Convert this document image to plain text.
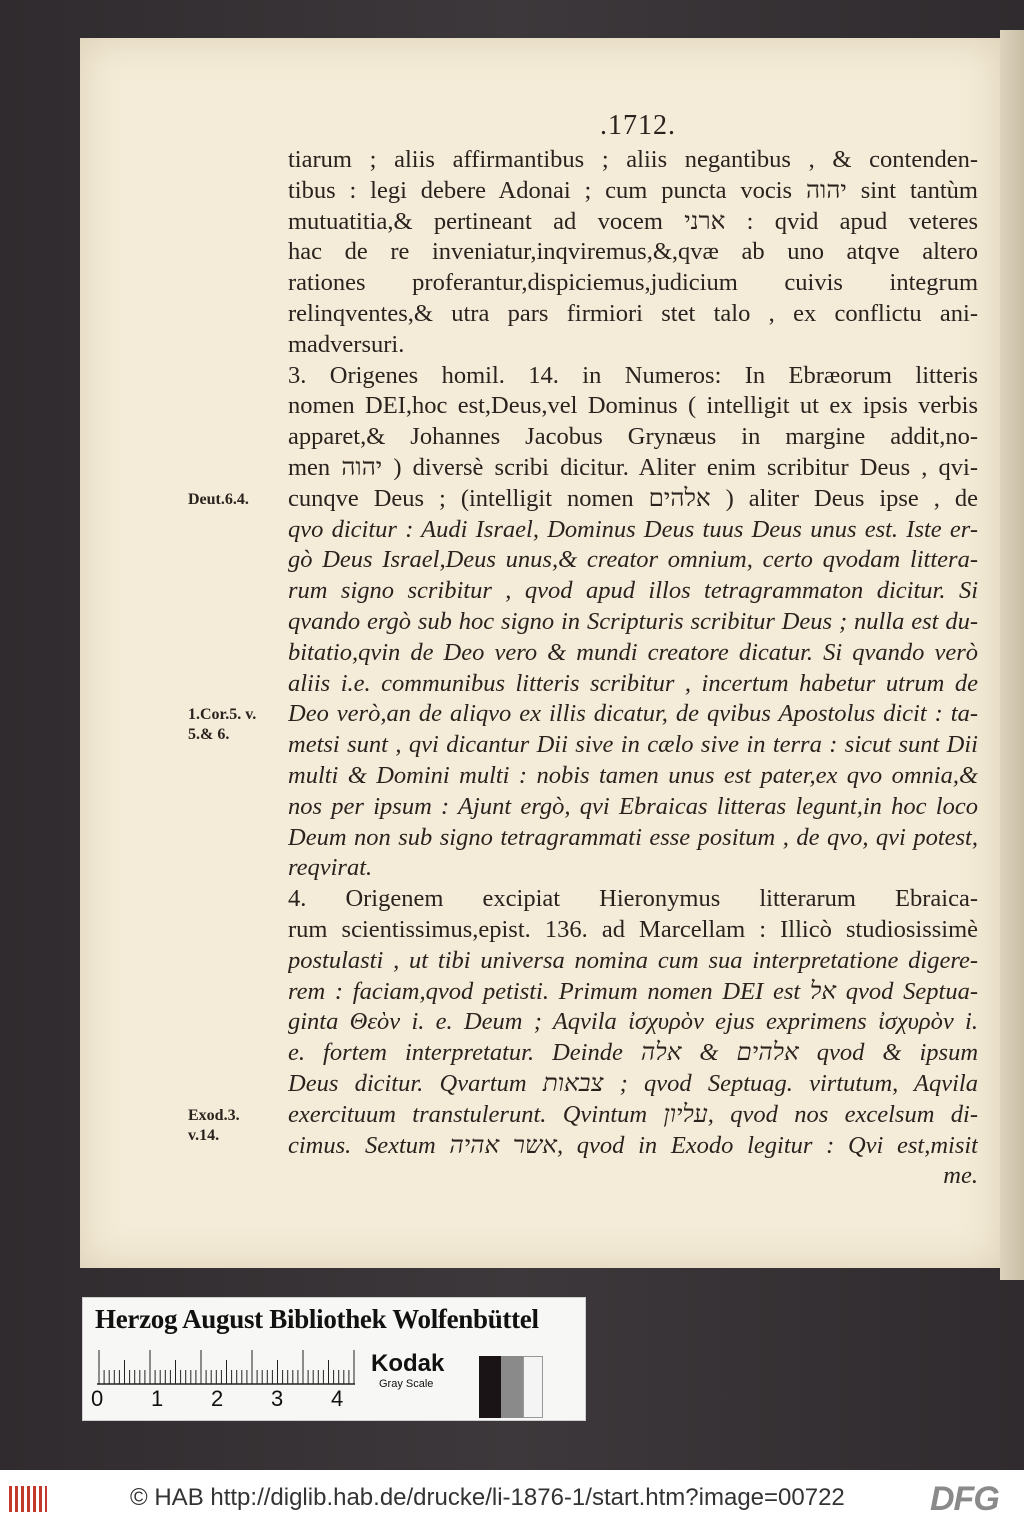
.1712.
tiarum ; aliis affirmantibus ; aliis negantibus , & contenden-
tibus : legi debere Adonai ; cum puncta vocis יהוה sint tantùm
mutuatitia,& pertineant ad vocem ארני : qvid apud veteres
hac de re inveniatur,inqviremus,&,qvæ ab uno atqve altero
rationes proferantur,dispiciemus,judicium cuivis integrum
relinqventes,& utra pars firmiori stet talo , ex conflictu ani-
madversuri.
3. Origenes homil. 14. in Numeros: In Ebræorum litteris
nomen DEI,hoc est,Deus,vel Dominus ( intelligit ut ex ipsis verbis
apparet,& Johannes Jacobus Grynæus in margine addit,no-
men יהוה ) diversè scribi dicitur. Aliter enim scribitur Deus , qvi-
cunqve Deus ; (intelligit nomen אלהים ) aliter Deus ipse , de
qvo dicitur : Audi Israel, Dominus Deus tuus Deus unus est. Iste er-
gò Deus Israel,Deus unus,& creator omnium, certo qvodam littera-
rum signo scribitur , qvod apud illos tetragrammaton dicitur. Si
qvando ergò sub hoc signo in Scripturis scribitur Deus ; nulla est du-
bitatio,qvin de Deo vero & mundi creatore dicatur. Si qvando verò
aliis i.e. communibus litteris scribitur , incertum habetur utrum de
Deo verò,an de aliqvo ex illis dicatur, de qvibus Apostolus dicit : ta-
metsi sunt , qvi dicantur Dii sive in cælo sive in terra : sicut sunt Dii
multi & Domini multi : nobis tamen unus est pater,ex qvo omnia,&
nos per ipsum : Ajunt ergò, qvi Ebraicas litteras legunt,in hoc loco
Deum non sub signo tetragrammati esse positum , de qvo, qvi potest,
reqvirat.
4. Origenem excipiat Hieronymus litterarum Ebraica-
rum scientissimus,epist. 136. ad Marcellam : Illicò studiosissimè
postulasti , ut tibi universa nomina cum sua interpretatione digere-
rem : faciam,qvod petisti. Primum nomen DEI est אל qvod Septua-
ginta Θεὸν i. e. Deum ; Aqvila ἰσχυρὸν ejus exprimens ἰσχυρὸν i.
e. fortem interpretatur. Deinde אלהים & אלה qvod & ipsum
Deus dicitur. Qvartum צבאות ; qvod Septuag. virtutum, Aqvila
exercituum transtulerunt. Qvintum עליון, qvod nos excelsum di-
cimus. Sextum אשר אהיה, qvod in Exodo legitur : Qvi est,misit
me.
Deut.6.4.
1.Cor.5. v.
5.& 6.
Exod.3.
v.14.
Herzog August Bibliothek Wolfenbüttel
0 1 2 3 4
Kodak
Gray Scale
© HAB http://diglib.hab.de/drucke/li-1876-1/start.htm?image=00722	DFG
